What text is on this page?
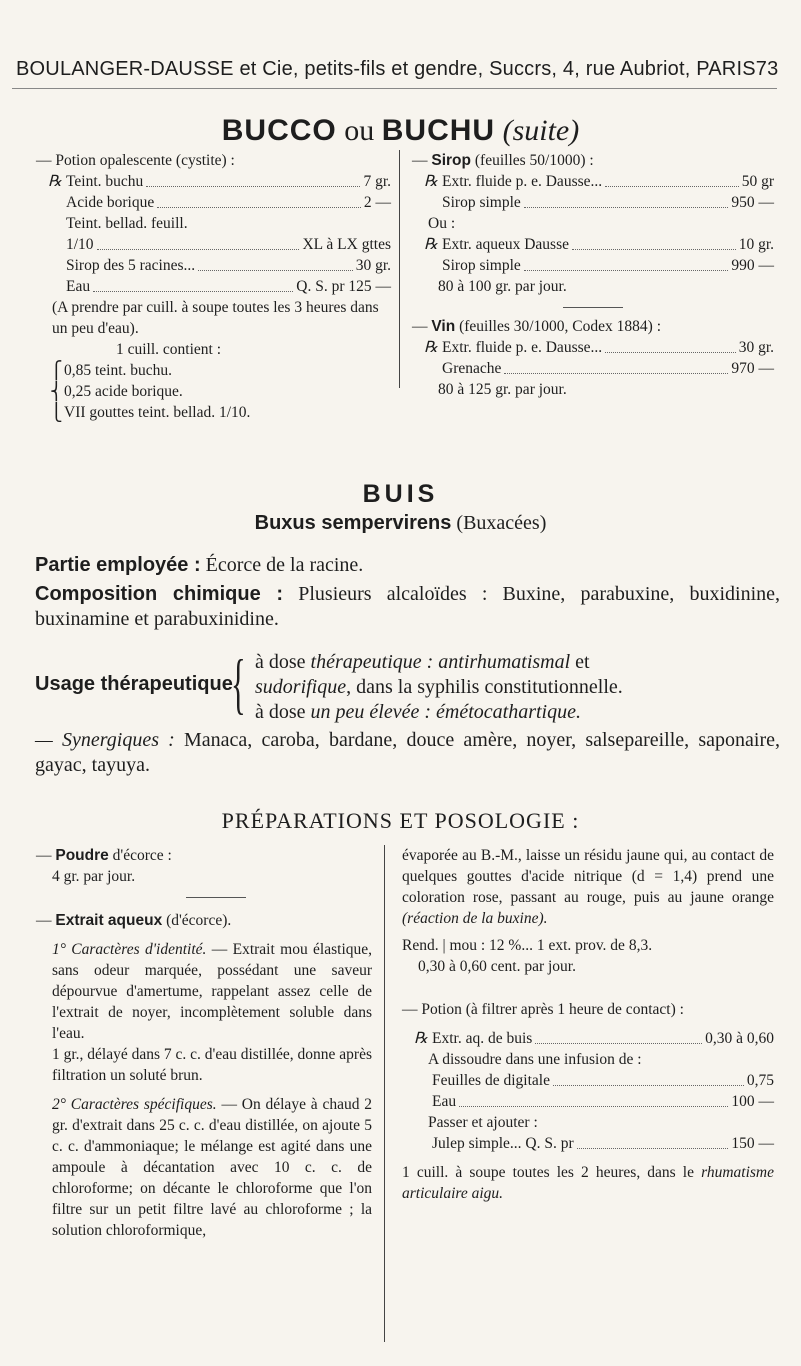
BOULANGER-DAUSSE et Cie, petits-fils et gendre, Succrs, 4, rue Aubriot, PARIS 73
BUCCO ou BUCHU (suite)
— Potion opalescente (cystite) :
℞ Teint. buchu	7 gr.
Acide borique	2 —
Teint. bellad. feuill.
1/10	XL à LX gttes
Sirop des 5 racines...	30 gr.
Eau	Q. S. pr 125 —

(A prendre par cuill. à soupe toutes les 3 heures dans un peu d'eau).

1 cuill. contient :
⎧ 0,85 teint. buchu.
⎨ 0,25 acide borique.
⎩ VII gouttes teint. bellad. 1/10.
— Sirop
(feuilles 50/1000) :
℞ Extr. fluide p. e. Dausse...	50 gr
Sirop simple	950 —
Ou :
℞ Extr. aqueux Dausse	10 gr.
Sirop simple	990 —
80 à 100 gr. par jour.
— Vin
(feuilles 30/1000, Codex 1884) :
℞ Extr. fluide p. e. Dausse...	30 gr.
Grenache	970 —
80 à 125 gr. par jour.
BUIS
Buxus sempervirens (Buxacées)
Partie employée : Écorce de la racine.
Composition chimique : Plusieurs alcaloïdes : Buxine, parabuxine, buxidinine, buxinamine et parabuxinidine.
Usage thérapeutique
{ à dose thérapeutique : antirhumatismal et
sudorifique, dans la syphilis constitutionnelle.
à dose un peu élevée : émétocathartique.
— Synergiques : Manaca, caroba, bardane, douce amère, noyer, salsepareille, saponaire, gayac, tayuya.
PRÉPARATIONS ET POSOLOGIE :
— Poudre
d'écorce :
4 gr. par jour.
— Extrait aqueux
(d'écorce).

1° Caractères d'identité. — Extrait mou élastique, sans odeur marquée, possédant une saveur dépourvue d'amertume, rappelant assez celle de l'extrait de noyer, incomplètement soluble dans l'eau.

1 gr., délayé dans 7 c. c. d'eau distillée, donne après filtration un soluté brun.

2° Caractères spécifiques. — On délaye à chaud 2 gr. d'extrait dans 25 c. c. d'eau distillée, on ajoute 5 c. c. d'ammoniaque; le mélange est agité dans une ampoule à décantation avec 10 c. c. de chloroforme; on décante le chloroforme que l'on filtre sur un petit filtre lavé au chloroforme ; la solution chloroformique,

évaporée au B.-M., laisse un résidu jaune qui, au contact de quelques gouttes d'acide nitrique (d = 1,4) prend une coloration rose, passant au rouge, puis au jaune orange (réaction de la buxine).

Rend. | mou : 12 %... 1 ext. prov. de 8,3.
0,30 à 0,60 cent. par jour.

— Potion (à filtrer après 1 heure de contact) :

℞ Extr. aq. de buis	0,30 à 0,60
A dissoudre dans une infusion de :
Feuilles de digitale	0,75
Eau	100 —
Passer et ajouter :
Julep simple... Q. S. pr	150 —

1 cuill. à soupe toutes les 2 heures, dans le rhumatisme articulaire aigu.
